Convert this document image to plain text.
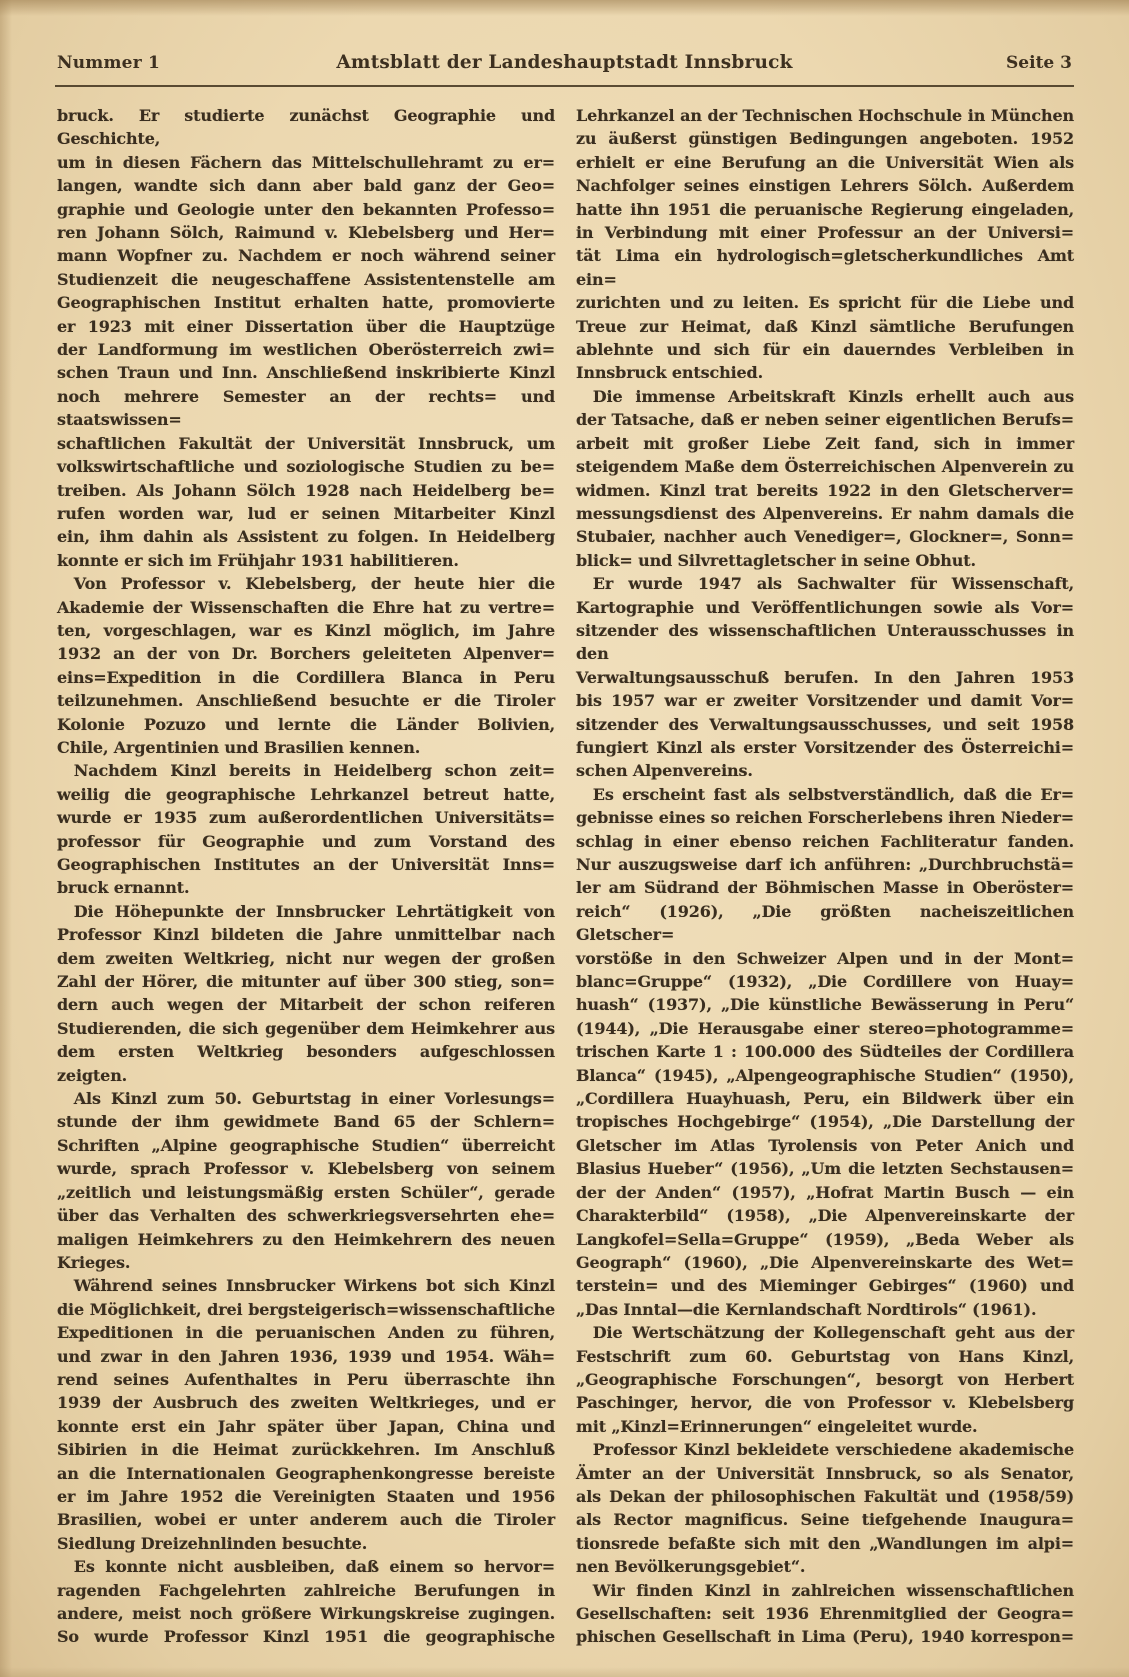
Nummer 1	Amtsblatt der Landeshauptstadt Innsbruck	Seite 3
bruck. Er studierte zunächst Geographie und Geschichte,
um in diesen Fächern das Mittelschullehramt zu er=
langen, wandte sich dann aber bald ganz der Geo=
graphie und Geologie unter den bekannten Professo=
ren Johann Sölch, Raimund v. Klebelsberg und Her=
mann Wopfner zu. Nachdem er noch während seiner
Studienzeit die neugeschaffene Assistentenstelle am
Geographischen Institut erhalten hatte, promovierte
er 1923 mit einer Dissertation über die Hauptzüge
der Landformung im westlichen Oberösterreich zwi=
schen Traun und Inn. Anschließend inskribierte Kinzl
noch mehrere Semester an der rechts= und staatswissen=
schaftlichen Fakultät der Universität Innsbruck, um
volkswirtschaftliche und soziologische Studien zu be=
treiben. Als Johann Sölch 1928 nach Heidelberg be=
rufen worden war, lud er seinen Mitarbeiter Kinzl
ein, ihm dahin als Assistent zu folgen. In Heidelberg
konnte er sich im Frühjahr 1931 habilitieren.
Von Professor v. Klebelsberg, der heute hier die
Akademie der Wissenschaften die Ehre hat zu vertre=
ten, vorgeschlagen, war es Kinzl möglich, im Jahre
1932 an der von Dr. Borchers geleiteten Alpenver=
eins=Expedition in die Cordillera Blanca in Peru
teilzunehmen. Anschließend besuchte er die Tiroler
Kolonie Pozuzo und lernte die Länder Bolivien,
Chile, Argentinien und Brasilien kennen.
Nachdem Kinzl bereits in Heidelberg schon zeit=
weilig die geographische Lehrkanzel betreut hatte,
wurde er 1935 zum außerordentlichen Universitäts=
professor für Geographie und zum Vorstand des
Geographischen Institutes an der Universität Inns=
bruck ernannt.
Die Höhepunkte der Innsbrucker Lehrtätigkeit von
Professor Kinzl bildeten die Jahre unmittelbar nach
dem zweiten Weltkrieg, nicht nur wegen der großen
Zahl der Hörer, die mitunter auf über 300 stieg, son=
dern auch wegen der Mitarbeit der schon reiferen
Studierenden, die sich gegenüber dem Heimkehrer aus
dem ersten Weltkrieg besonders aufgeschlossen zeigten.
Als Kinzl zum 50. Geburtstag in einer Vorlesungs=
stunde der ihm gewidmete Band 65 der Schlern=
Schriften „Alpine geographische Studien“ überreicht
wurde, sprach Professor v. Klebelsberg von seinem
„zeitlich und leistungsmäßig ersten Schüler“, gerade
über das Verhalten des schwerkriegsversehrten ehe=
maligen Heimkehrers zu den Heimkehrern des neuen
Krieges.
Während seines Innsbrucker Wirkens bot sich Kinzl
die Möglichkeit, drei bergsteigerisch=wissenschaftliche
Expeditionen in die peruanischen Anden zu führen,
und zwar in den Jahren 1936, 1939 und 1954. Wäh=
rend seines Aufenthaltes in Peru überraschte ihn
1939 der Ausbruch des zweiten Weltkrieges, und er
konnte erst ein Jahr später über Japan, China und
Sibirien in die Heimat zurückkehren. Im Anschluß
an die Internationalen Geographenkongresse bereiste
er im Jahre 1952 die Vereinigten Staaten und 1956
Brasilien, wobei er unter anderem auch die Tiroler
Siedlung Dreizehnlinden besuchte.
Es konnte nicht ausbleiben, daß einem so hervor=
ragenden Fachgelehrten zahlreiche Berufungen in
andere, meist noch größere Wirkungskreise zugingen.
So wurde Professor Kinzl 1951 die geographische
Lehrkanzel an der Technischen Hochschule in München
zu äußerst günstigen Bedingungen angeboten. 1952
erhielt er eine Berufung an die Universität Wien als
Nachfolger seines einstigen Lehrers Sölch. Außerdem
hatte ihn 1951 die peruanische Regierung eingeladen,
in Verbindung mit einer Professur an der Universi=
tät Lima ein hydrologisch=gletscherkundliches Amt ein=
zurichten und zu leiten. Es spricht für die Liebe und
Treue zur Heimat, daß Kinzl sämtliche Berufungen
ablehnte und sich für ein dauerndes Verbleiben in
Innsbruck entschied.
Die immense Arbeitskraft Kinzls erhellt auch aus
der Tatsache, daß er neben seiner eigentlichen Berufs=
arbeit mit großer Liebe Zeit fand, sich in immer
steigendem Maße dem Österreichischen Alpenverein zu
widmen. Kinzl trat bereits 1922 in den Gletscherver=
messungsdienst des Alpenvereins. Er nahm damals die
Stubaier, nachher auch Venediger=, Glockner=, Sonn=
blick= und Silvrettagletscher in seine Obhut.
Er wurde 1947 als Sachwalter für Wissenschaft,
Kartographie und Veröffentlichungen sowie als Vor=
sitzender des wissenschaftlichen Unterausschusses in den
Verwaltungsausschuß berufen. In den Jahren 1953
bis 1957 war er zweiter Vorsitzender und damit Vor=
sitzender des Verwaltungsausschusses, und seit 1958
fungiert Kinzl als erster Vorsitzender des Österreichi=
schen Alpenvereins.
Es erscheint fast als selbstverständlich, daß die Er=
gebnisse eines so reichen Forscherlebens ihren Nieder=
schlag in einer ebenso reichen Fachliteratur fanden.
Nur auszugsweise darf ich anführen: „Durchbruchstä=
ler am Südrand der Böhmischen Masse in Oberöster=
reich“ (1926), „Die größten nacheiszeitlichen Gletscher=
vorstöße in den Schweizer Alpen und in der Mont=
blanc=Gruppe“ (1932), „Die Cordillere von Huay=
huash“ (1937), „Die künstliche Bewässerung in Peru“
(1944), „Die Herausgabe einer stereo=photogramme=
trischen Karte 1 : 100.000 des Südteiles der Cordillera
Blanca“ (1945), „Alpengeographische Studien“ (1950),
„Cordillera Huayhuash, Peru, ein Bildwerk über ein
tropisches Hochgebirge“ (1954), „Die Darstellung der
Gletscher im Atlas Tyrolensis von Peter Anich und
Blasius Hueber“ (1956), „Um die letzten Sechstausen=
der der Anden“ (1957), „Hofrat Martin Busch — ein
Charakterbild“ (1958), „Die Alpenvereinskarte der
Langkofel=Sella=Gruppe“ (1959), „Beda Weber als
Geograph“ (1960), „Die Alpenvereinskarte des Wet=
terstein= und des Mieminger Gebirges“ (1960) und
„Das Inntal—die Kernlandschaft Nordtirols“ (1961).
Die Wertschätzung der Kollegenschaft geht aus der
Festschrift zum 60. Geburtstag von Hans Kinzl,
„Geographische Forschungen“, besorgt von Herbert
Paschinger, hervor, die von Professor v. Klebelsberg
mit „Kinzl=Erinnerungen“ eingeleitet wurde.
Professor Kinzl bekleidete verschiedene akademische
Ämter an der Universität Innsbruck, so als Senator,
als Dekan der philosophischen Fakultät und (1958/59)
als Rector magnificus. Seine tiefgehende Inaugura=
tionsrede befaßte sich mit den „Wandlungen im alpi=
nen Bevölkerungsgebiet“.
Wir finden Kinzl in zahlreichen wissenschaftlichen
Gesellschaften: seit 1936 Ehrenmitglied der Geogra=
phischen Gesellschaft in Lima (Peru), 1940 korrespon=
